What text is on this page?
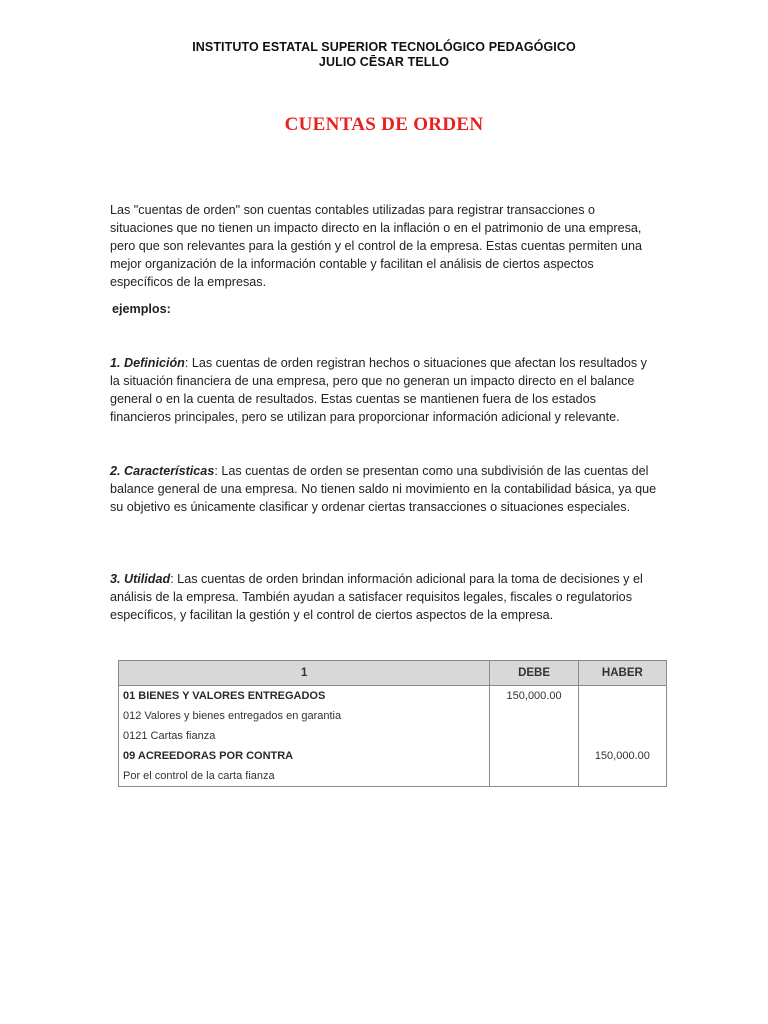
INSTITUTO ESTATAL SUPERIOR TECNOLÓGICO PEDAGÓGICO
JULIO CĒSAR TELLO
CUENTAS DE ORDEN

Las "cuentas de orden" son cuentas contables utilizadas para registrar transacciones o situaciones que no tienen un impacto directo en la inflación o en el patrimonio de una empresa, pero que son relevantes para la gestión y el control de la empresa. Estas cuentas permiten una mejor organización de la información contable y facilitan el análisis de ciertos aspectos específicos de la empresas.

ejemplos:

1. Definición: Las cuentas de orden registran hechos o situaciones que afectan los resultados y la situación financiera de una empresa, pero que no generan un impacto directo en el balance general o en la cuenta de resultados. Estas cuentas se mantienen fuera de los estados financieros principales, pero se utilizan para proporcionar información adicional y relevante.

2. Características: Las cuentas de orden se presentan como una subdivisión de las cuentas del balance general de una empresa. No tienen saldo ni movimiento en la contabilidad básica, ya que su objetivo es únicamente clasificar y ordenar ciertas transacciones o situaciones especiales.

3. Utilidad: Las cuentas de orden brindan información adicional para la toma de decisiones y el análisis de la empresa. También ayudan a satisfacer requisitos legales, fiscales o regulatorios específicos, y facilitan la gestión y el control de ciertos aspectos de la empresa.

1	DEBE	HABER
01 BIENES Y VALORES ENTREGADOS	150,000.00	
012 Valores y bienes entregados en garantia		
0121 Cartas fianza		
09 ACREEDORAS POR CONTRA		150,000.00
Por el control de la carta fianza		
